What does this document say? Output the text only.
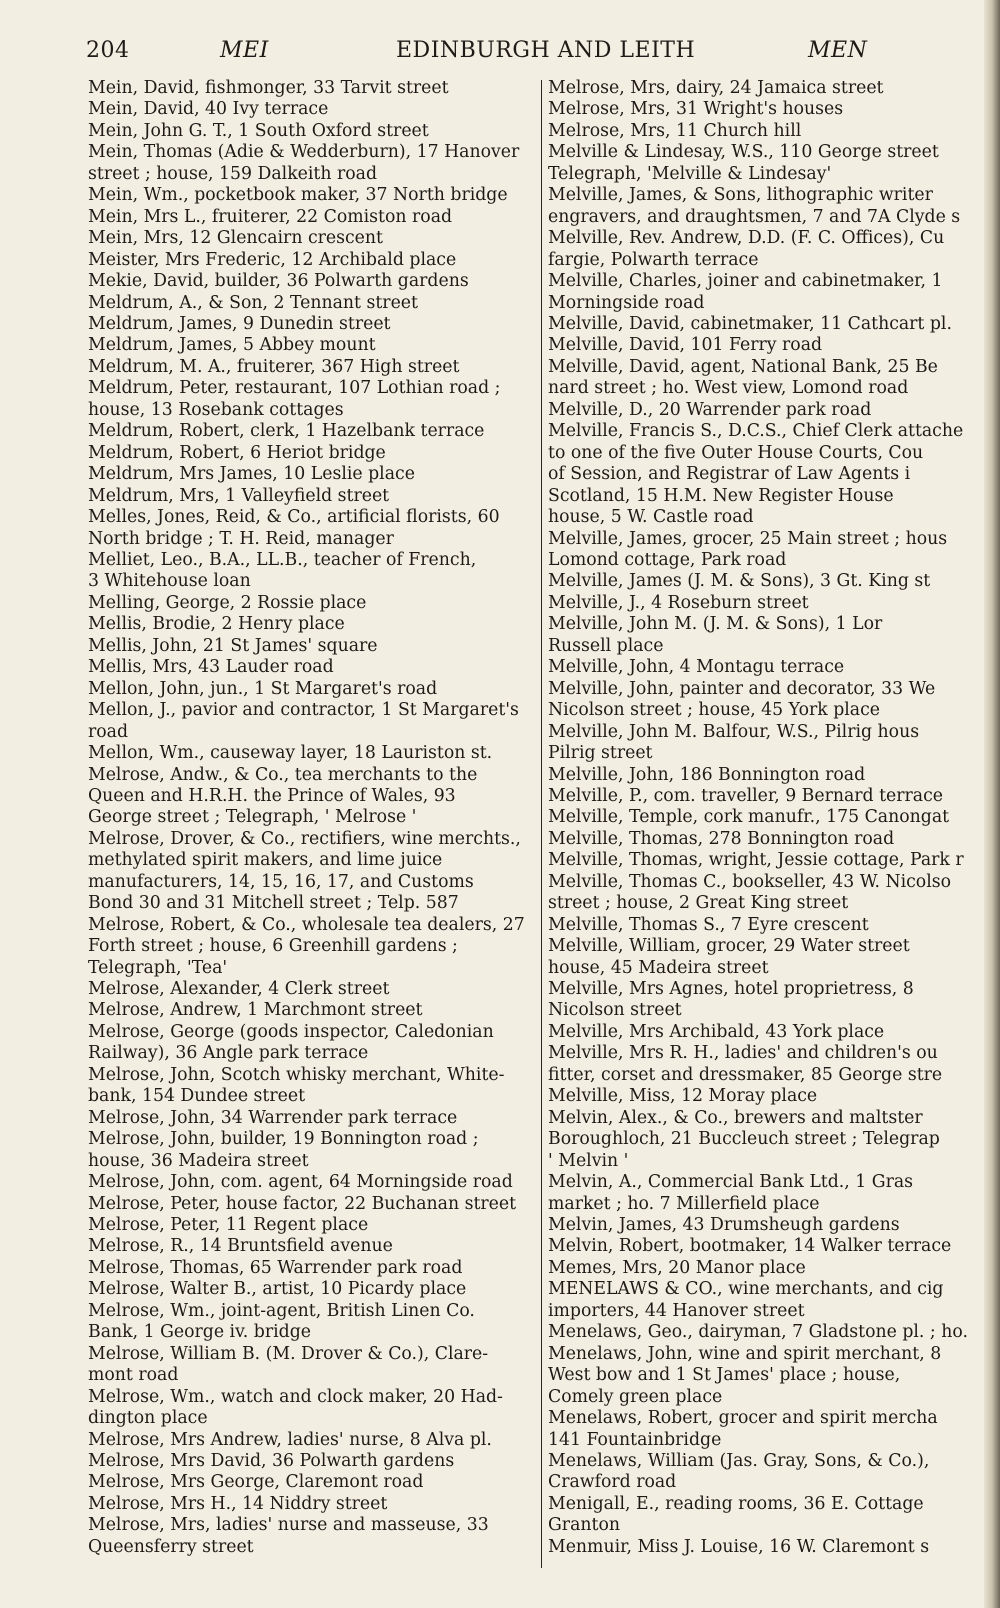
204	MEI	EDINBURGH AND LEITH	MEN
Mein, David, fishmonger, 33 Tarvit street
Mein, David, 40 Ivy terrace
Mein, John G. T., 1 South Oxford street
Mein, Thomas (Adie & Wedderburn), 17 Hanover
street ; house, 159 Dalkeith road
Mein, Wm., pocketbook maker, 37 North bridge
Mein, Mrs L., fruiterer, 22 Comiston road
Mein, Mrs, 12 Glencairn crescent
Meister, Mrs Frederic, 12 Archibald place
Mekie, David, builder, 36 Polwarth gardens
Meldrum, A., & Son, 2 Tennant street
Meldrum, James, 9 Dunedin street
Meldrum, James, 5 Abbey mount
Meldrum, M. A., fruiterer, 367 High street
Meldrum, Peter, restaurant, 107 Lothian road ;
house, 13 Rosebank cottages
Meldrum, Robert, clerk, 1 Hazelbank terrace
Meldrum, Robert, 6 Heriot bridge
Meldrum, Mrs James, 10 Leslie place
Meldrum, Mrs, 1 Valleyfield street
Melles, Jones, Reid, & Co., artificial florists, 60
North bridge ; T. H. Reid, manager
Melliet, Leo., B.A., LL.B., teacher of French,
3 Whitehouse loan
Melling, George, 2 Rossie place
Mellis, Brodie, 2 Henry place
Mellis, John, 21 St James' square
Mellis, Mrs, 43 Lauder road
Mellon, John, jun., 1 St Margaret's road
Mellon, J., pavior and contractor, 1 St Margaret's
road
Mellon, Wm., causeway layer, 18 Lauriston st.
Melrose, Andw., & Co., tea merchants to the
Queen and H.R.H. the Prince of Wales, 93
George street ; Telegraph, ' Melrose '
Melrose, Drover, & Co., rectifiers, wine merchts.,
methylated spirit makers, and lime juice
manufacturers, 14, 15, 16, 17, and Customs
Bond 30 and 31 Mitchell street ; Telp. 587
Melrose, Robert, & Co., wholesale tea dealers, 27
Forth street ; house, 6 Greenhill gardens ;
Telegraph, 'Tea'
Melrose, Alexander, 4 Clerk street
Melrose, Andrew, 1 Marchmont street
Melrose, George (goods inspector, Caledonian
Railway), 36 Angle park terrace
Melrose, John, Scotch whisky merchant, White-
bank, 154 Dundee street
Melrose, John, 34 Warrender park terrace
Melrose, John, builder, 19 Bonnington road ;
house, 36 Madeira street
Melrose, John, com. agent, 64 Morningside road
Melrose, Peter, house factor, 22 Buchanan street
Melrose, Peter, 11 Regent place
Melrose, R., 14 Bruntsfield avenue
Melrose, Thomas, 65 Warrender park road
Melrose, Walter B., artist, 10 Picardy place
Melrose, Wm., joint-agent, British Linen Co.
Bank, 1 George iv. bridge
Melrose, William B. (M. Drover & Co.), Clare-
mont road
Melrose, Wm., watch and clock maker, 20 Had-
dington place
Melrose, Mrs Andrew, ladies' nurse, 8 Alva pl.
Melrose, Mrs David, 36 Polwarth gardens
Melrose, Mrs George, Claremont road
Melrose, Mrs H., 14 Niddry street
Melrose, Mrs, ladies' nurse and masseuse, 33
Queensferry street
Melrose, Mrs, dairy, 24 Jamaica street
Melrose, Mrs, 31 Wright's houses
Melrose, Mrs, 11 Church hill
Melville & Lindesay, W.S., 110 George street
Telegraph, 'Melville & Lindesay'
Melville, James, & Sons, lithographic writer
engravers, and draughtsmen, 7 and 7A Clyde s
Melville, Rev. Andrew, D.D. (F. C. Offices), Cu
fargie, Polwarth terrace
Melville, Charles, joiner and cabinetmaker, 1
Morningside road
Melville, David, cabinetmaker, 11 Cathcart pl.
Melville, David, 101 Ferry road
Melville, David, agent, National Bank, 25 Be
nard street ; ho. West view, Lomond road
Melville, D., 20 Warrender park road
Melville, Francis S., D.C.S., Chief Clerk attache
to one of the five Outer House Courts, Cou
of Session, and Registrar of Law Agents i
Scotland, 15 H.M. New Register House
house, 5 W. Castle road
Melville, James, grocer, 25 Main street ; hous
Lomond cottage, Park road
Melville, James (J. M. & Sons), 3 Gt. King st
Melville, J., 4 Roseburn street
Melville, John M. (J. M. & Sons), 1 Lor
Russell place
Melville, John, 4 Montagu terrace
Melville, John, painter and decorator, 33 We
Nicolson street ; house, 45 York place
Melville, John M. Balfour, W.S., Pilrig hous
Pilrig street
Melville, John, 186 Bonnington road
Melville, P., com. traveller, 9 Bernard terrace
Melville, Temple, cork manufr., 175 Canongat
Melville, Thomas, 278 Bonnington road
Melville, Thomas, wright, Jessie cottage, Park r
Melville, Thomas C., bookseller, 43 W. Nicolso
street ; house, 2 Great King street
Melville, Thomas S., 7 Eyre crescent
Melville, William, grocer, 29 Water street
house, 45 Madeira street
Melville, Mrs Agnes, hotel proprietress, 8
Nicolson street
Melville, Mrs Archibald, 43 York place
Melville, Mrs R. H., ladies' and children's ou
fitter, corset and dressmaker, 85 George stre
Melville, Miss, 12 Moray place
Melvin, Alex., & Co., brewers and maltster
Boroughloch, 21 Buccleuch street ; Telegrap
' Melvin '
Melvin, A., Commercial Bank Ltd., 1 Gras
market ; ho. 7 Millerfield place
Melvin, James, 43 Drumsheugh gardens
Melvin, Robert, bootmaker, 14 Walker terrace
Memes, Mrs, 20 Manor place
MENELAWS & CO., wine merchants, and cig
importers, 44 Hanover street
Menelaws, Geo., dairyman, 7 Gladstone pl. ; ho.
Menelaws, John, wine and spirit merchant, 8
West bow and 1 St James' place ; house,
Comely green place
Menelaws, Robert, grocer and spirit mercha
141 Fountainbridge
Menelaws, William (Jas. Gray, Sons, & Co.),
Crawford road
Menigall, E., reading rooms, 36 E. Cottage
Granton
Menmuir, Miss J. Louise, 16 W. Claremont s
